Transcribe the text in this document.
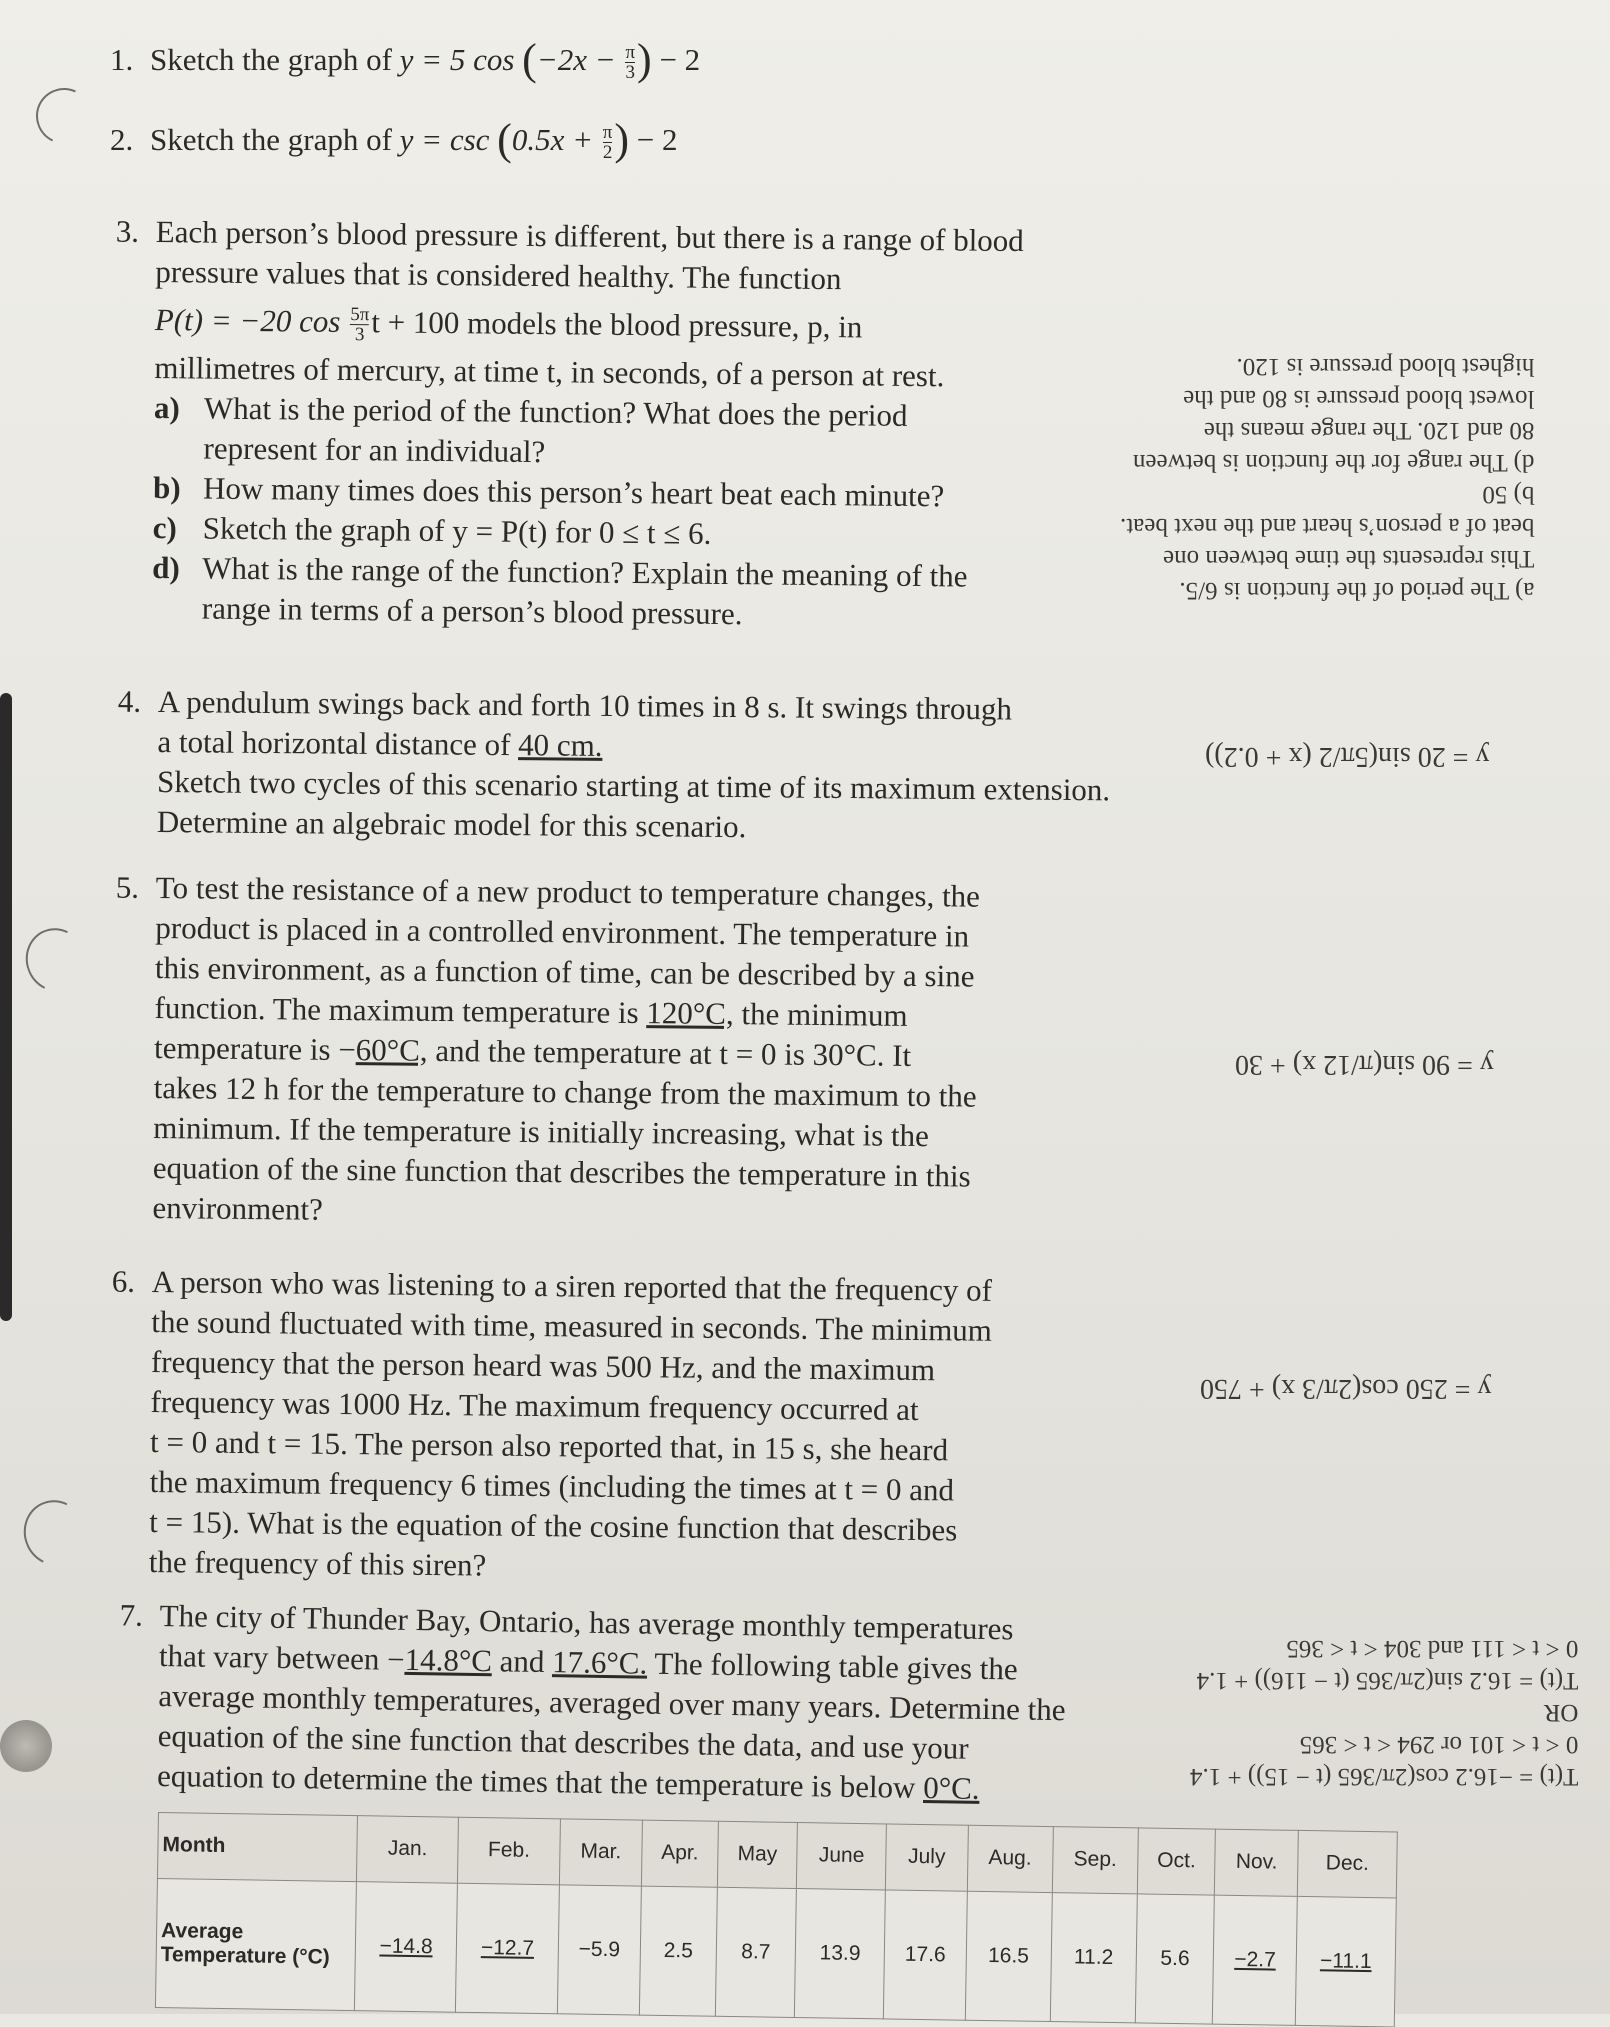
1. Sketch the graph of y = 5 $\cos (-2x - \frac{\pi}{3}$ ) − 2
2. Sketch the graph of $y = \csc (0.5x + \frac{\pi}{2}$ ) − 2
3. Each person’s blood pressure is different, but there is a range of blood
pressure values that is considered healthy. The function
P(t) = −20 $\cos \frac{5\pi}{3}$ t + 100 models the blood pressure, p, in
millimetres of mercury, at time t, in seconds, of a person at rest.
a) What is the period of the function? What does the period
represent for an individual?
b) How many times does this person’s heart beat each minute?
c) Sketch the graph of y = P(t) for 0 ≤ t ≤ 6.
d) What is the range of the function? Explain the meaning of the
range in terms of a person’s blood pressure.
4. A pendulum swings back and forth 10 times in 8 s. It swings through
a total horizontal distance of 40 cm.
Sketch two cycles of this scenario starting at time of its maximum extension.
Determine an algebraic model for this scenario.
5. To test the resistance of a new product to temperature changes, the
product is placed in a controlled environment. The temperature in
this environment, as a function of time, can be described by a sine
function. The maximum temperature is 120°C, the minimum
temperature is −60°C, and the temperature at t = 0 is 30°C. It
takes 12 h for the temperature to change from the maximum to the
minimum. If the temperature is initially increasing, what is the
equation of the sine function that describes the temperature in this
environment?
6. A person who was listening to a siren reported that the frequency of
the sound fluctuated with time, measured in seconds. The minimum
frequency that the person heard was 500 Hz, and the maximum
frequency was 1000 Hz. The maximum frequency occurred at
t = 0 and t = 15. The person also reported that, in 15 s, she heard
the maximum frequency 6 times (including the times at t = 0 and
t = 15). What is the equation of the cosine function that describes
the frequency of this siren?
7. The city of Thunder Bay, Ontario, has average monthly temperatures
that vary between −14.8°C and 17.6°C. The following table gives the
average monthly temperatures, averaged over many years. Determine the
equation of the sine function that describes the data, and use your
equation to determine the times that the temperature is below 0°C.
Month	Jan.	Feb.	Mar.	Apr.	May	June	July	Aug.	Sep.	Oct.	Nov.	Dec.
Average Temperature (°C)	−14.8	−12.7	−5.9	2.5	8.7	13.9	17.6	16.5	11.2	5.6	−2.7	−11.1
a) The period of the function is 6/5.
This represents the time between one
beat of a person’s heart and the next beat.
b) 50
d) The range for the function is between
80 and 120. The range means the
lowest blood pressure is 80 and the
highest blood pressure is 120.
y = 20 sin(5π/2 (x + 0.2))
y = 90 sin(π/12 x) + 30
y = 250 cos(2π/3 x) + 750
T(t) = −16.2 cos(2π/365 (t − 15)) + 1.4
0 < t < 101 or 294 < t < 365
OR
T(t) = 16.2 sin(2π/365 (t − 116)) + 1.4
0 < t < 111 and 304 < t < 365
